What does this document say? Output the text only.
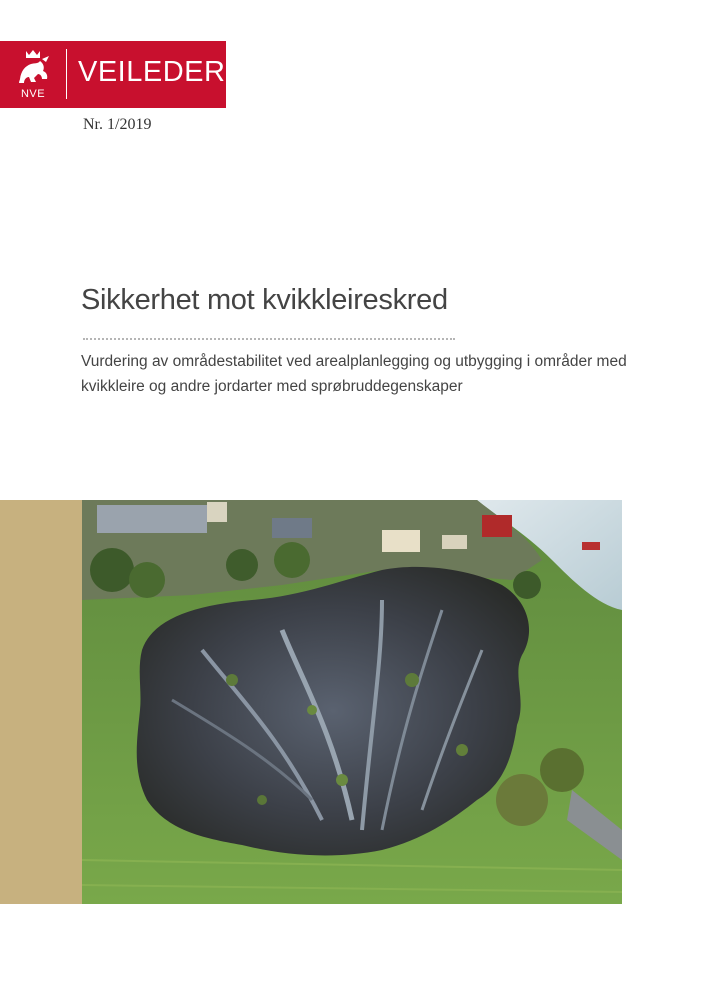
NVE
VEILEDER
Nr. 1/2019
Sikkerhet mot kvikkleireskred
Vurdering av områdestabilitet ved arealplanlegging og utbygging i områder med
kvikkleire og andre jordarter med sprøbruddegenskaper
